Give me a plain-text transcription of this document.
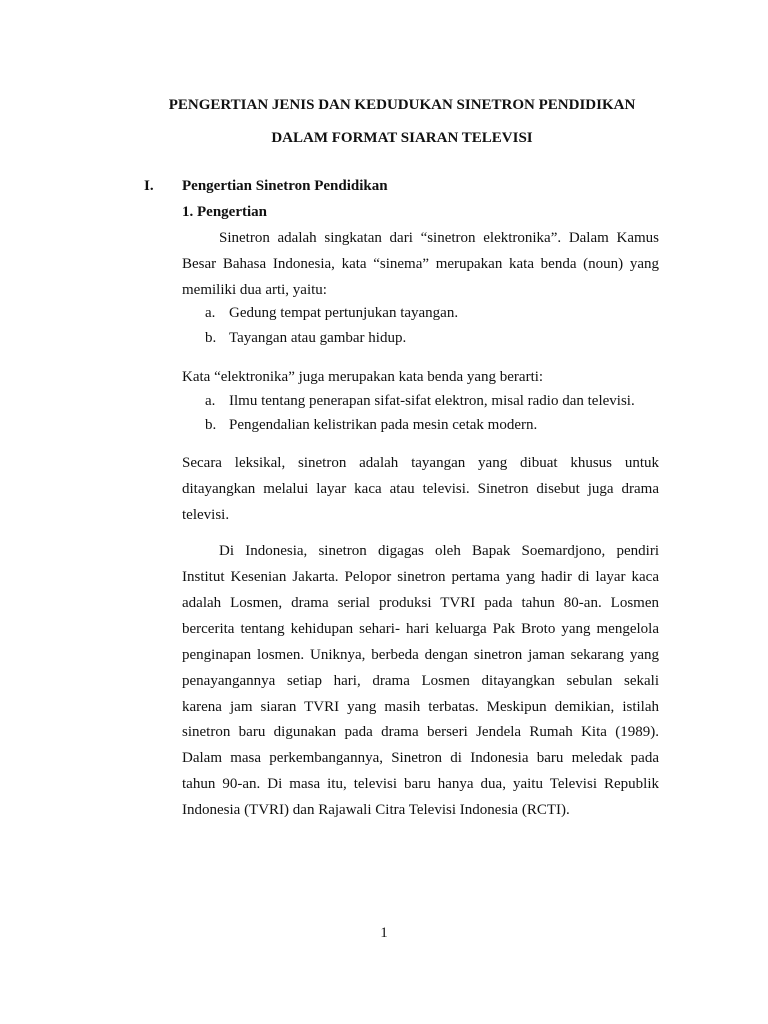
PENGERTIAN JENIS DAN KEDUDUKAN SINETRON PENDIDIKAN
DALAM FORMAT SIARAN TELEVISI
I. Pengertian Sinetron Pendidikan
1. Pengertian
Sinetron adalah singkatan dari “sinetron elektronika”. Dalam Kamus
Besar Bahasa Indonesia, kata “sinema” merupakan kata benda (noun) yang
memiliki dua arti, yaitu:
a. Gedung tempat pertunjukan tayangan.
b. Tayangan atau gambar hidup.
Kata “elektronika” juga merupakan kata benda yang berarti:
a. Ilmu tentang penerapan sifat-sifat elektron, misal radio dan televisi.
b. Pengendalian kelistrikan pada mesin cetak modern.
Secara leksikal, sinetron adalah tayangan yang dibuat khusus untuk
ditayangkan melalui layar kaca atau televisi. Sinetron disebut juga drama
televisi.
Di Indonesia, sinetron digagas oleh Bapak Soemardjono, pendiri
Institut Kesenian Jakarta. Pelopor sinetron pertama yang hadir di layar kaca
adalah Losmen, drama serial produksi TVRI pada tahun 80-an. Losmen
bercerita tentang kehidupan sehari- hari keluarga Pak Broto yang mengelola
penginapan losmen. Uniknya, berbeda dengan sinetron jaman sekarang yang
penayangannya setiap hari, drama Losmen ditayangkan sebulan sekali
karena jam siaran TVRI yang masih terbatas. Meskipun demikian, istilah
sinetron baru digunakan pada drama berseri Jendela Rumah Kita (1989).
Dalam masa perkembangannya, Sinetron di Indonesia baru meledak pada
tahun 90-an. Di masa itu, televisi baru hanya dua, yaitu Televisi Republik
Indonesia (TVRI) dan Rajawali Citra Televisi Indonesia (RCTI).
1
